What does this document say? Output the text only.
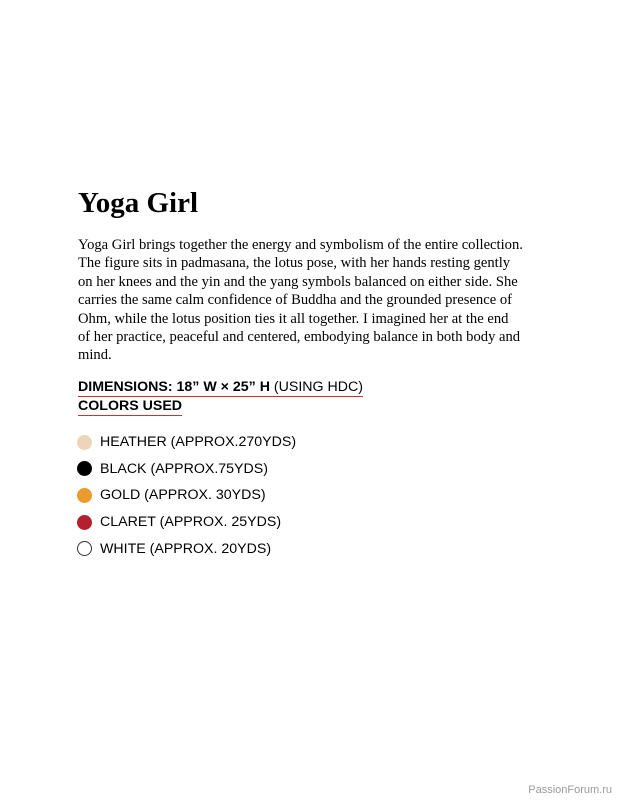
Yoga Girl

Yoga Girl brings together the energy and symbolism of the entire collection.
The figure sits in padmasana, the lotus pose, with her hands resting gently
on her knees and the yin and the yang symbols balanced on either side. She
carries the same calm confidence of Buddha and the grounded presence of
Ohm, while the lotus position ties it all together. I imagined her at the end
of her practice, peaceful and centered, embodying balance in both body and
mind.

DIMENSIONS: 18” W × 25” H (USING HDC)
COLORS USED
HEATHER (APPROX.270YDS)
BLACK (APPROX.75YDS)
GOLD (APPROX. 30YDS)
CLARET (APPROX. 25YDS)
WHITE (APPROX. 20YDS)
PassionForum.ru
